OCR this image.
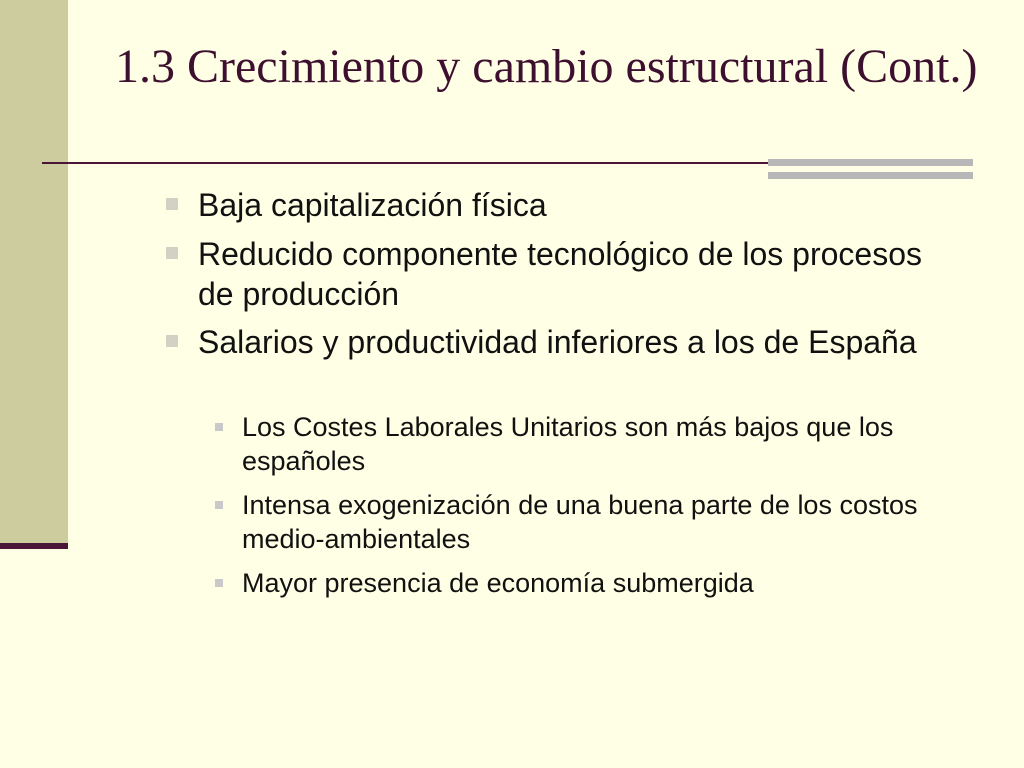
1.3 Crecimiento y cambio estructural (Cont.)
Baja capitalización física
Reducido componente tecnológico de los procesos de producción
Salarios y productividad inferiores a los de España
Los Costes Laborales Unitarios son más bajos que los españoles
Intensa exogenización de una buena parte de los costos medio-ambientales
Mayor presencia de economía submergida
